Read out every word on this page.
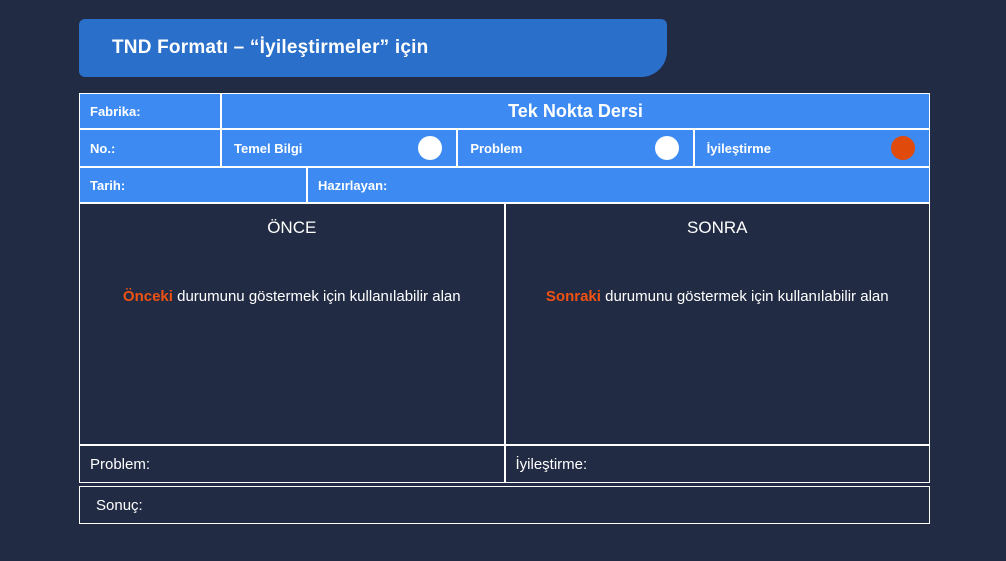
TND Formatı – “İyileştirmeler” için
Fabrika:	Tek Nokta Dersi
No.:	Temel Bilgi	Problem	İyileştirme
Tarih:	Hazırlayan:
ÖNCE
Önceki durumunu göstermek için kullanılabilir alan
SONRA
Sonraki durumunu göstermek için kullanılabilir alan
Problem:	İyileştirme:
Sonuç:
